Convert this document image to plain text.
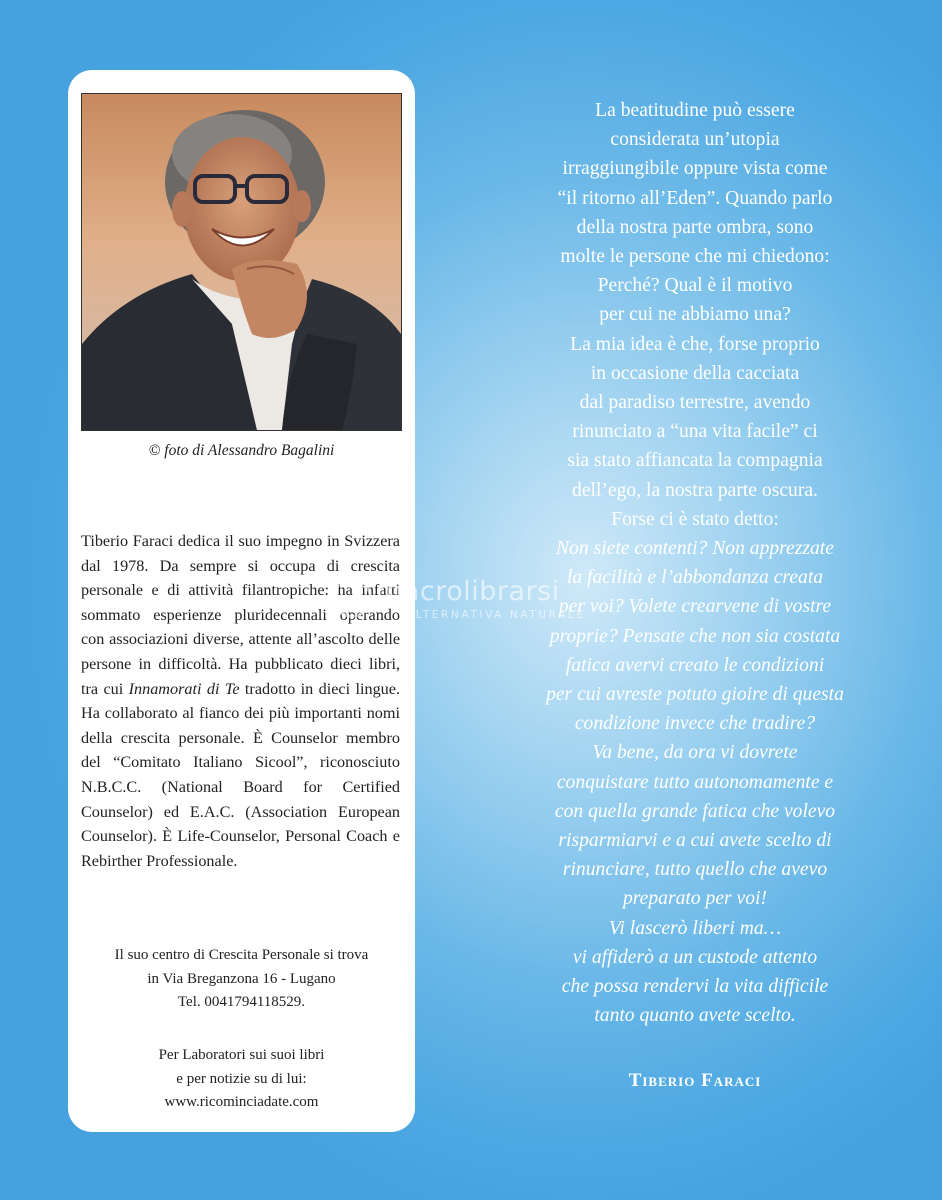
© foto di Alessandro Bagalini
Tiberio Faraci dedica il suo impegno in Svizzera dal 1978. Da sempre si occupa di crescita personale e di attività filantropiche: ha infatti sommato esperienze pluridecennali operando con associazioni diverse, attente all’ascolto delle persone in difficoltà. Ha pubblicato dieci libri, tra cui Innamorati di Te tradotto in dieci lingue. Ha collaborato al fianco dei più importanti nomi della crescita personale. È Counselor membro del “Comitato Italiano Sicool”, riconosciuto N.B.C.C. (National Board for Certified Counselor) ed E.A.C. (Association European Counselor). È Life-Counselor, Personal Coach e Rebirther Professionale.
Il suo centro di Crescita Personale si trova
in Via Breganzona 16 - Lugano
Tel. 0041794118529.
Per Laboratori sui suoi libri
e per notizie su di lui:
www.ricominciadate.com
macrolibrarsi
ALTERNATIVA NATURALE
La beatitudine può essere
considerata un’utopia
irraggiungibile oppure vista come
“il ritorno all’Eden”. Quando parlo
della nostra parte ombra, sono
molte le persone che mi chiedono:
Perché? Qual è il motivo
per cui ne abbiamo una?
La mia idea è che, forse proprio
in occasione della cacciata
dal paradiso terrestre, avendo
rinunciato a “una vita facile” ci
sia stato affiancata la compagnia
dell’ego, la nostra parte oscura.
Forse ci è stato detto:
Non siete contenti? Non apprezzate
la facilità e l’abbondanza creata
per voi? Volete crearvene di vostre
proprie? Pensate che non sia costata
fatica avervi creato le condizioni
per cui avreste potuto gioire di questa
condizione invece che tradire?
Va bene, da ora vi dovrete
conquistare tutto autonomamente e
con quella grande fatica che volevo
risparmiarvi e a cui avete scelto di
rinunciare, tutto quello che avevo
preparato per voi!
Vi lascerò liberi ma…
vi affiderò a un custode attento
che possa rendervi la vita difficile
tanto quanto avete scelto.
Tiberio Faraci
